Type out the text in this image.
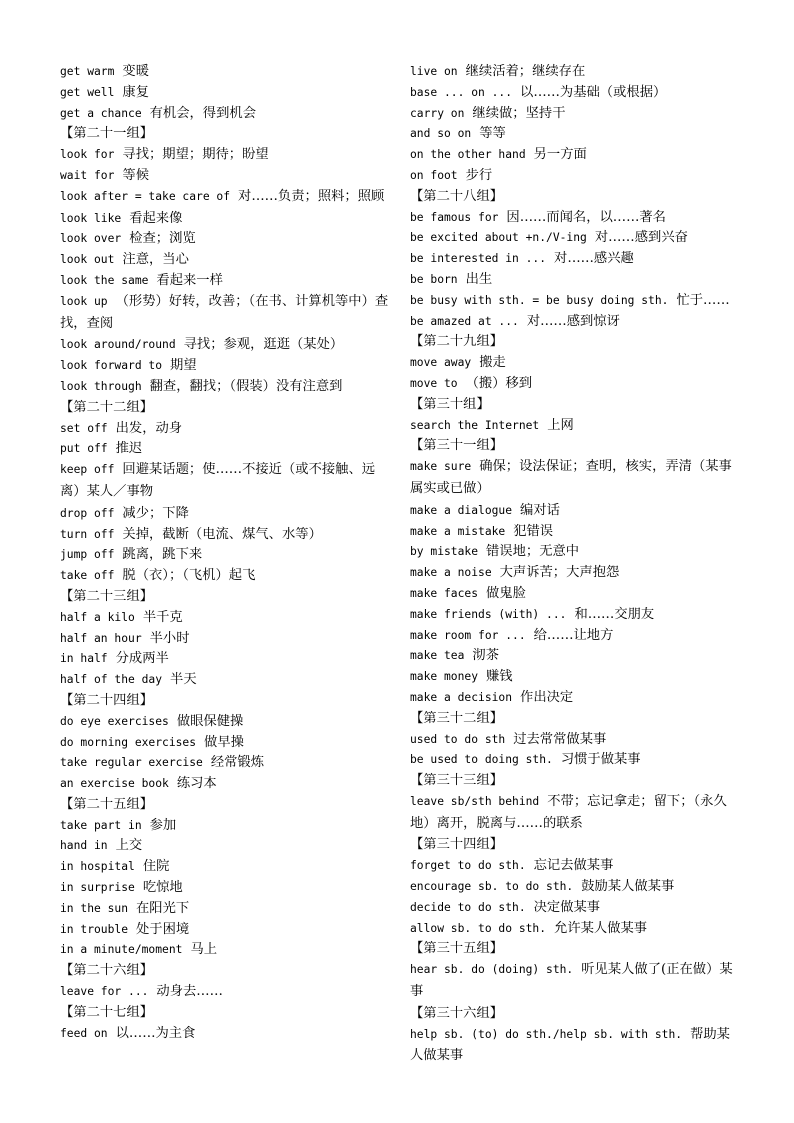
get warm 变暖
get well 康复
get a chance 有机会，得到机会
【第二十一组】
look for 寻找；期望；期待；盼望
wait for 等候
look after = take care of 对……负责；照料；照顾
look like 看起来像
look over 检查；浏览
look out 注意，当心
look the same 看起来一样
look up （形势）好转，改善；（在书、计算机等中）查找，查阅
look around/round 寻找；参观，逛逛（某处）
look forward to 期望
look through 翻查，翻找；（假装）没有注意到
【第二十二组】
set off 出发，动身
put off 推迟
keep off 回避某话题；使……不接近（或不接触、远离）某人／事物
drop off 减少；下降
turn off 关掉，截断（电流、煤气、水等）
jump off 跳离，跳下来
take off 脱（衣）；（飞机）起飞
【第二十三组】
half a kilo 半千克
half an hour 半小时
in half 分成两半
half of the day 半天
【第二十四组】
do eye exercises 做眼保健操
do morning exercises 做早操
take regular exercise 经常锻炼
an exercise book 练习本
【第二十五组】
take part in 参加
hand in 上交
in hospital 住院
in surprise 吃惊地
in the sun 在阳光下
in trouble 处于困境
in a minute/moment 马上
【第二十六组】
leave for ... 动身去……
【第二十七组】
feed on 以……为主食
live on 继续活着；继续存在
base ... on ... 以……为基础（或根据）
carry on 继续做；坚持干
and so on 等等
on the other hand 另一方面
on foot 步行
【第二十八组】
be famous for 因……而闻名，以……著名
be excited about +n./V-ing 对……感到兴奋
be interested in ... 对……感兴趣
be born 出生
be busy with sth. = be busy doing sth. 忙于……
be amazed at ... 对……感到惊讶
【第二十九组】
move away 搬走
move to （搬）移到
【第三十组】
search the Internet 上网
【第三十一组】
make sure 确保；设法保证；查明，核实，弄清（某事属实或已做）
make a dialogue 编对话
make a mistake 犯错误
by mistake 错误地；无意中
make a noise 大声诉苦；大声抱怨
make faces 做鬼脸
make friends (with) ... 和……交朋友
make room for ... 给……让地方
make tea 沏茶
make money 赚钱
make a decision 作出决定
【第三十二组】
used to do sth 过去常常做某事
be used to doing sth. 习惯于做某事
【第三十三组】
leave sb/sth behind 不带；忘记拿走；留下；（永久地）离开，脱离与……的联系
【第三十四组】
forget to do sth. 忘记去做某事
encourage sb. to do sth. 鼓励某人做某事
decide to do sth. 决定做某事
allow sb. to do sth. 允许某人做某事
【第三十五组】
hear sb. do (doing) sth. 听见某人做了(正在做）某事
【第三十六组】
help sb. (to) do sth./help sb. with sth. 帮助某人做某事
